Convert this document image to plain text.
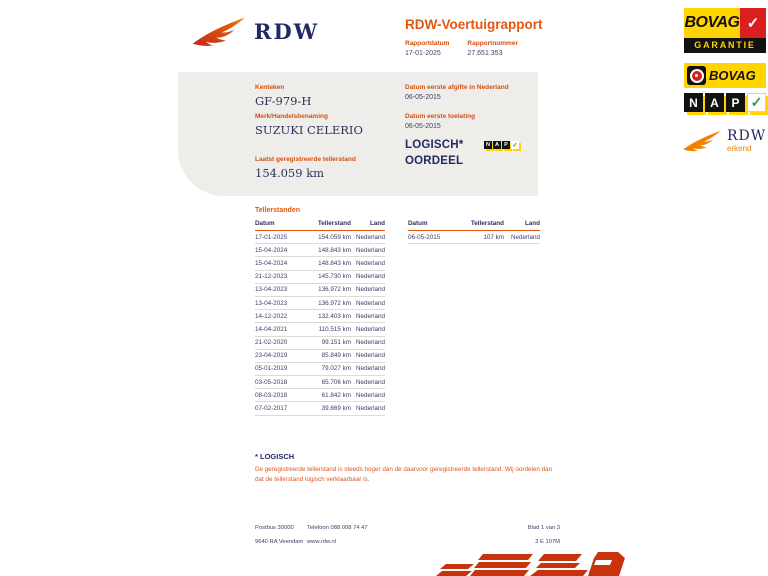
RDW	RDW-Voertuigrapport
Rapportdatum
17-01-2025
Rapportnummer
27.651.353
BOVAG ✓
GARANTIE
BOVAG
N	A	P ✓
RDW
erkend
Kenteken
GF-979-H
Merk/Handelsbenaming
SUZUKI CELERIO
Laatst geregistreerde tellerstand
154.059 km
Datum eerste afgifte in Nederland
06-05-2015
Datum eerste toelating
06-05-2015
LOGISCH*
OORDEEL
N A P ✓
Tellerstanden
Datum	Tellerstand	Land
17-01-2025	154.059 km	Nederland
15-04-2024	148.843 km	Nederland
15-04-2024	148.843 km	Nederland
21-12-2023	145.730 km	Nederland
13-04-2023	136.972 km	Nederland
13-04-2023	136.972 km	Nederland
14-12-2022	132.403 km	Nederland
14-04-2021	110.515 km	Nederland
21-02-2020	99.151 km	Nederland
23-04-2019	85.849 km	Nederland
05-01-2019	79.027 km	Nederland
03-05-2018	65.706 km	Nederland
08-03-2018	61.842 km	Nederland
07-02-2017	39.869 km	Nederland
Datum	Tellerstand	Land
06-05-2015	107 km	Nederland
* LOGISCH
De geregistreerde tellerstand is steeds hoger dan de daarvoor geregistreerde tellerstand. Wij oordelen dan dat de tellerstand logisch verklaarbaar is.
Postbus 30000
9640 RA Veendam
Telefoon 088 008 74 47
www.rdw.nl
Blad 1 van 3
3 E 107M
